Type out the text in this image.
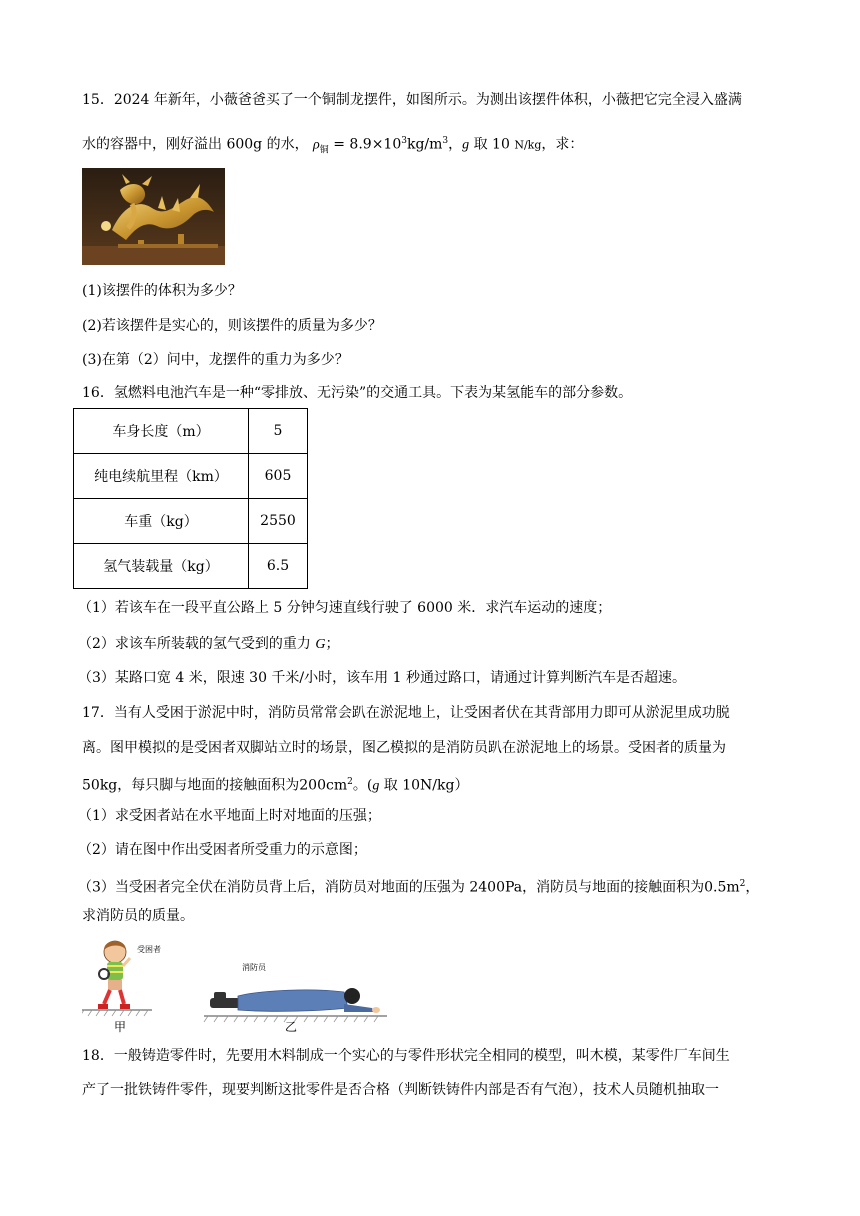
15．2024 年新年，小薇爸爸买了一个铜制龙摆件，如图所示。为测出该摆件体积，小薇把它完全浸入盛满
水的容器中，刚好溢出 600g 的水， $\rho_铜 = 8.9\times 10^3kg/m^3$，g 取 10 N/kg，求：
(1)该摆件的体积为多少？
(2)若该摆件是实心的，则该摆件的质量为多少？
(3)在第（2）问中，龙摆件的重力为多少？
16．氢燃料电池汽车是一种“零排放、无污染”的交通工具。下表为某氢能车的部分参数。
车身长度（m）	5
纯电续航里程（km）	605
车重（kg）	2550
氢气装载量（kg）	6.5
（1）若该车在一段平直公路上 5 分钟匀速直线行驶了 6000 米．求汽车运动的速度；
（2）求该车所装载的氢气受到的重力 G；
（3）某路口宽 4 米，限速 30 千米/小时，该车用 1 秒通过路口，请通过计算判断汽车是否超速。
17．当有人受困于淤泥中时，消防员常常会趴在淤泥地上，让受困者伏在其背部用力即可从淤泥里成功脱
离。图甲模拟的是受困者双脚站立时的场景，图乙模拟的是消防员趴在淤泥地上的场景。受困者的质量为
50kg，每只脚与地面的接触面积为$200cm^2$。(g 取 10N/kg）
（1）求受困者站在水平地面上时对地面的压强；
（2）请在图中作出受困者所受重力的示意图；
（3）当受困者完全伏在消防员背上后，消防员对地面的压强为 2400Pa，消防员与地面的接触面积为$0.5m^2$，
求消防员的质量。
受困者
甲
消防员
乙
18．一般铸造零件时，先要用木料制成一个实心的与零件形状完全相同的模型，叫木模，某零件厂车间生
产了一批铁铸件零件，现要判断这批零件是否合格（判断铁铸件内部是否有气泡），技术人员随机抽取一
